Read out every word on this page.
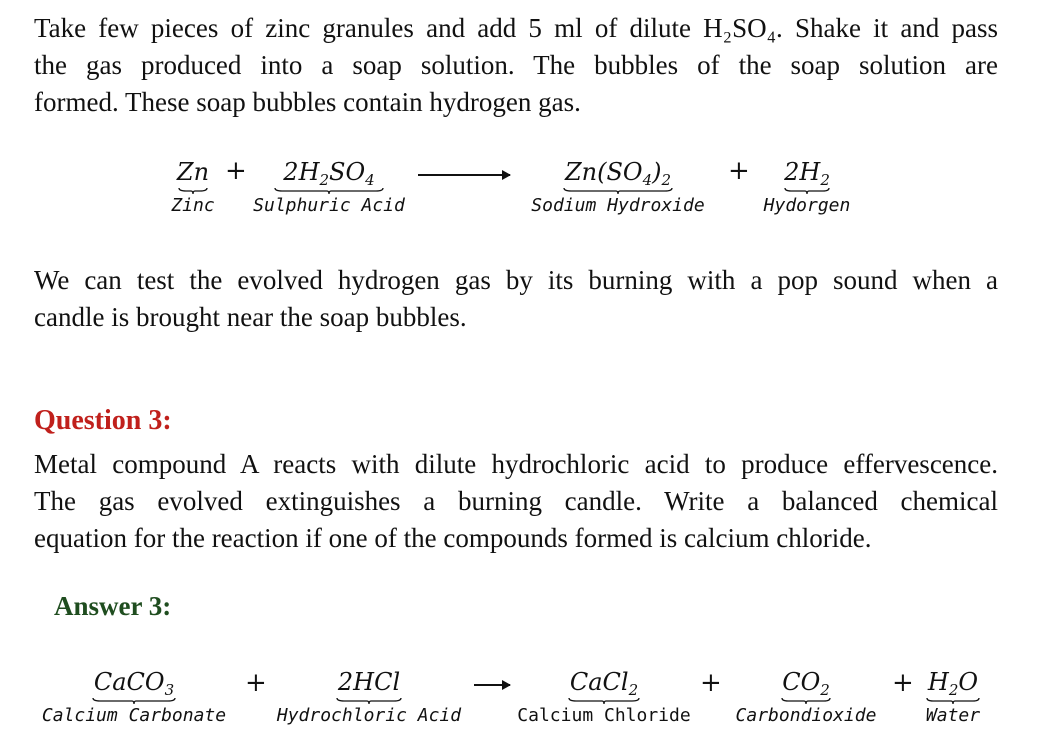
Take few pieces of zinc granules and add 5 ml of dilute H₂SO₄. Shake it and pass
the gas produced into a soap solution. The bubbles of the soap solution are
formed. These soap bubbles contain hydrogen gas.
Zn
Zinc
+	$2H_2SO_4$
Sulphuric Acid
$Zn(SO_4)_2$
Sodium Hydroxide
+	$2H_2$
Hydorgen
We can test the evolved hydrogen gas by its burning with a pop sound when a
candle is brought near the soap bubbles.
Question 3:
Metal compound A reacts with dilute hydrochloric acid to produce effervescence.
The gas evolved extinguishes a burning candle. Write a balanced chemical
equation for the reaction if one of the compounds formed is calcium chloride.
Answer 3:
CaCO$_3$
Calcium Carbonate
+	2HCl
Hydrochloric Acid
CaCl$_2$
Calcium Chloride
+	$CO_2$
Carbondioxide
+ $H_2O$
Water
